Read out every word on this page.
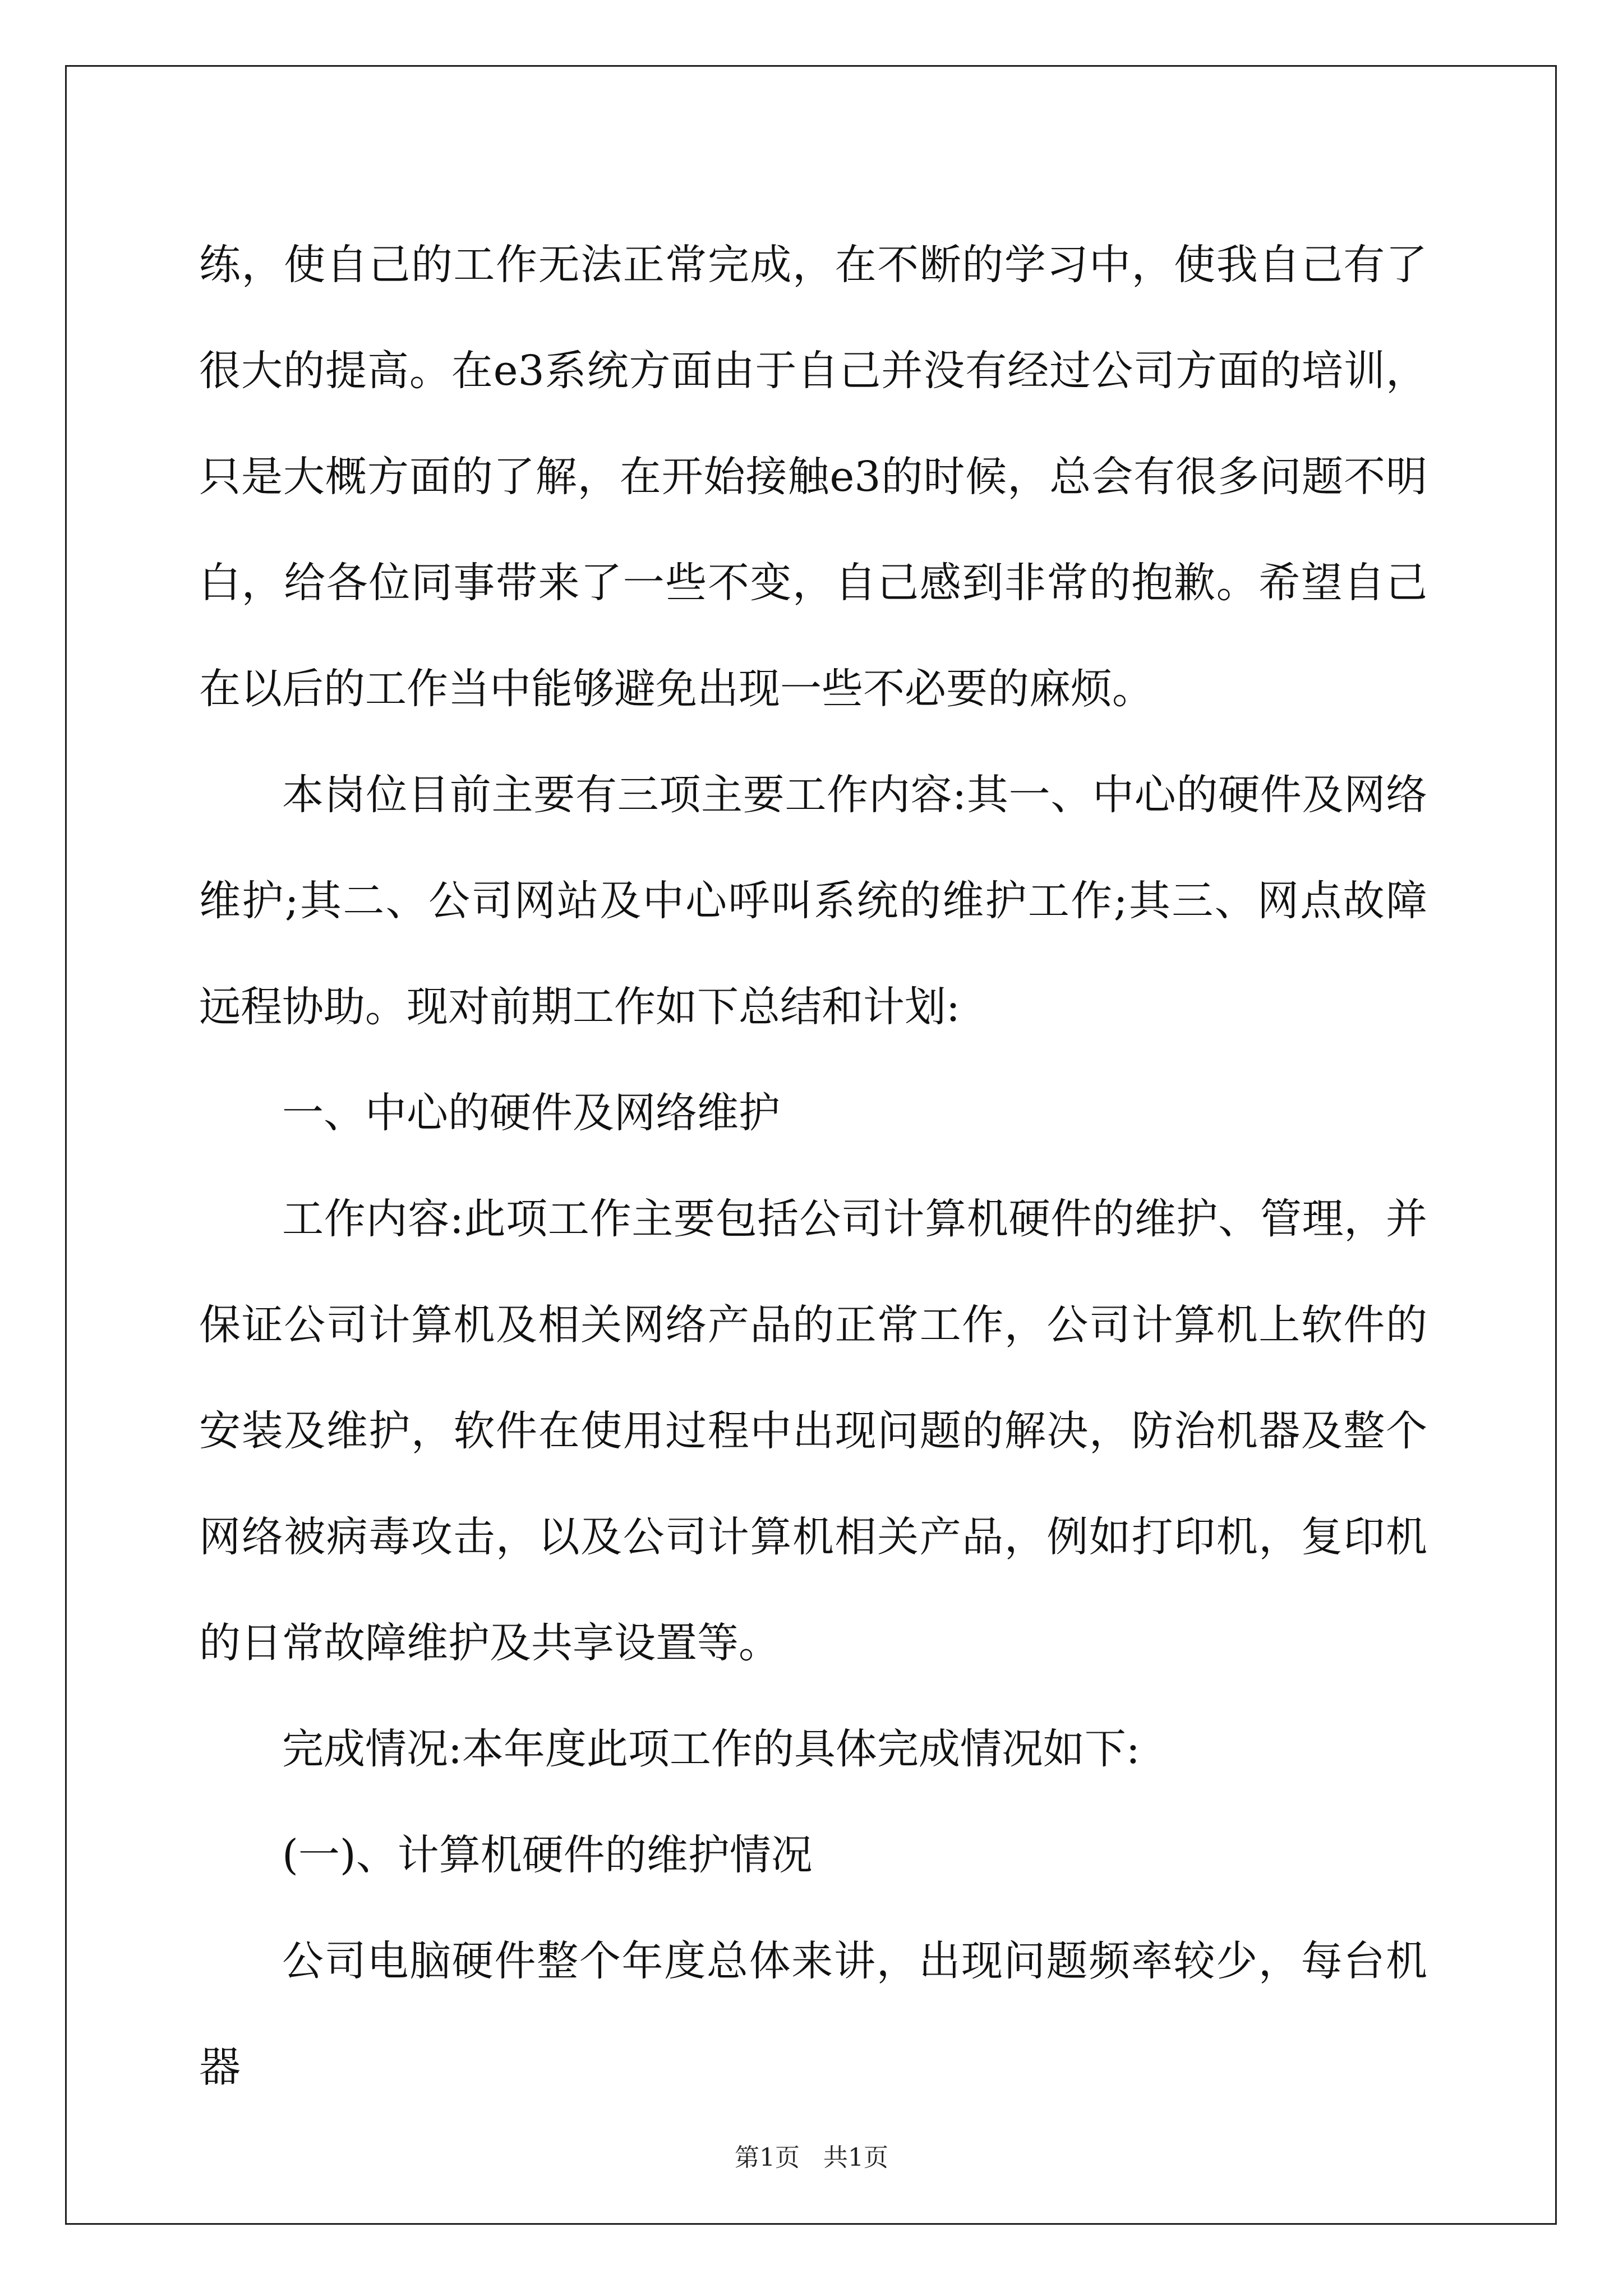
练，使自己的工作无法正常完成，在不断的学习中，使我自己有了很大的提高。在e3系统方面由于自己并没有经过公司方面的培训，只是大概方面的了解，在开始接触e3的时候，总会有很多问题不明白，给各位同事带来了一些不变，自己感到非常的抱歉。希望自己在以后的工作当中能够避免出现一些不必要的麻烦。

本岗位目前主要有三项主要工作内容:其一、中心的硬件及网络维护;其二、公司网站及中心呼叫系统的维护工作;其三、网点故障远程协助。现对前期工作如下总结和计划:

一、中心的硬件及网络维护

工作内容:此项工作主要包括公司计算机硬件的维护、管理，并保证公司计算机及相关网络产品的正常工作，公司计算机上软件的安装及维护，软件在使用过程中出现问题的解决，防治机器及整个网络被病毒攻击，以及公司计算机相关产品，例如打印机，复印机的日常故障维护及共享设置等。

完成情况:本年度此项工作的具体完成情况如下:

(一)、计算机硬件的维护情况

公司电脑硬件整个年度总体来讲，出现问题频率较少，每台机器

第1页 共1页
